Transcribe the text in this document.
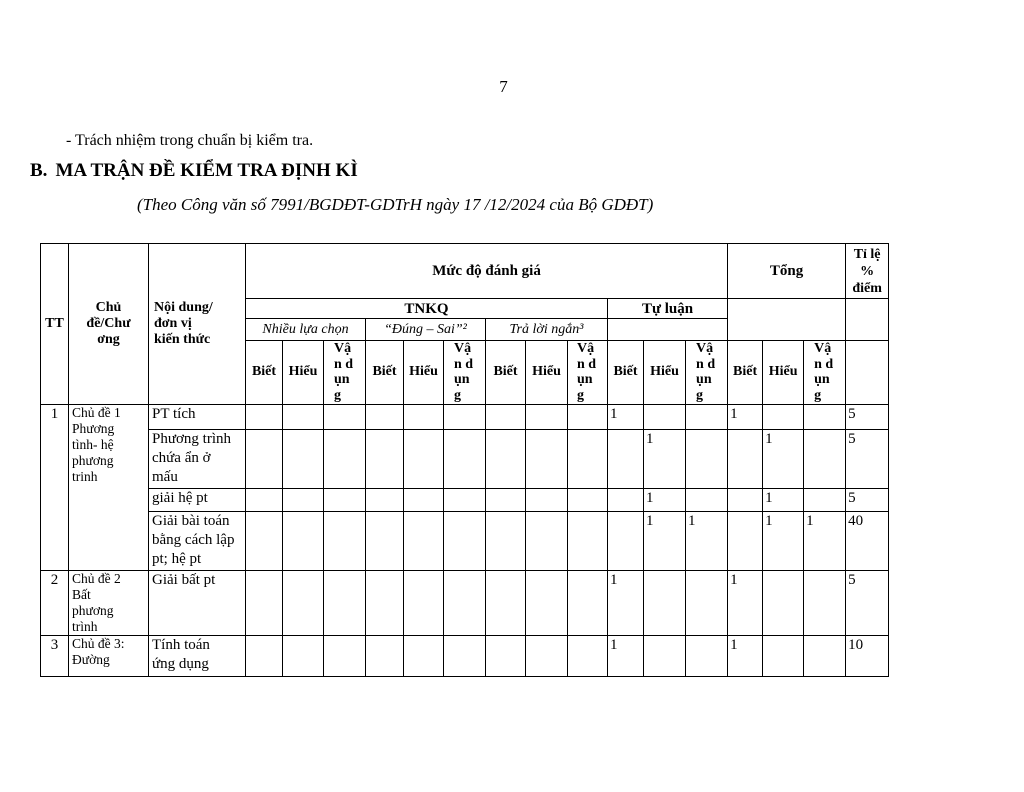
7
- Trách nhiệm trong chuẩn bị kiểm tra.
B. MA TRẬN ĐỀ KIỂM TRA ĐỊNH KÌ
(Theo Công văn số 7991/BGDĐT-GDTrH ngày 17 /12/2024 của Bộ GDĐT)
TT	Chủ đề/Chương	Nội dung/đơn vị kiến thức	Mức độ đánh giá												Tổng			Tỉ lệ % điểm
			TNKQ									Tự luận						
			Nhiều lựa chọn			“Đúng – Sai”²			Trả lời ngắn³									
			Biết	Hiểu	Vận dụng	Biết	Hiểu	Vận dụng	Biết	Hiểu	Vận dụng	Biết	Hiểu	Vận dụng	Biết	Hiểu	Vận dụng	
1	Chủ đề 1 Phương tình- hệ phương trinh	PT tích										1			1			5
		Phương trình chứa ẩn ở mấu											1			1		5
		giải hệ pt											1			1		5
		Giải bài toán bằng cách lập pt; hệ pt											1	1		1	1	40
2	Chủ đề 2 Bất phương trình	Giải bất pt										1			1			5
3	Chủ đề 3: Đường	Tính toán ứng dụng										1			1			10
